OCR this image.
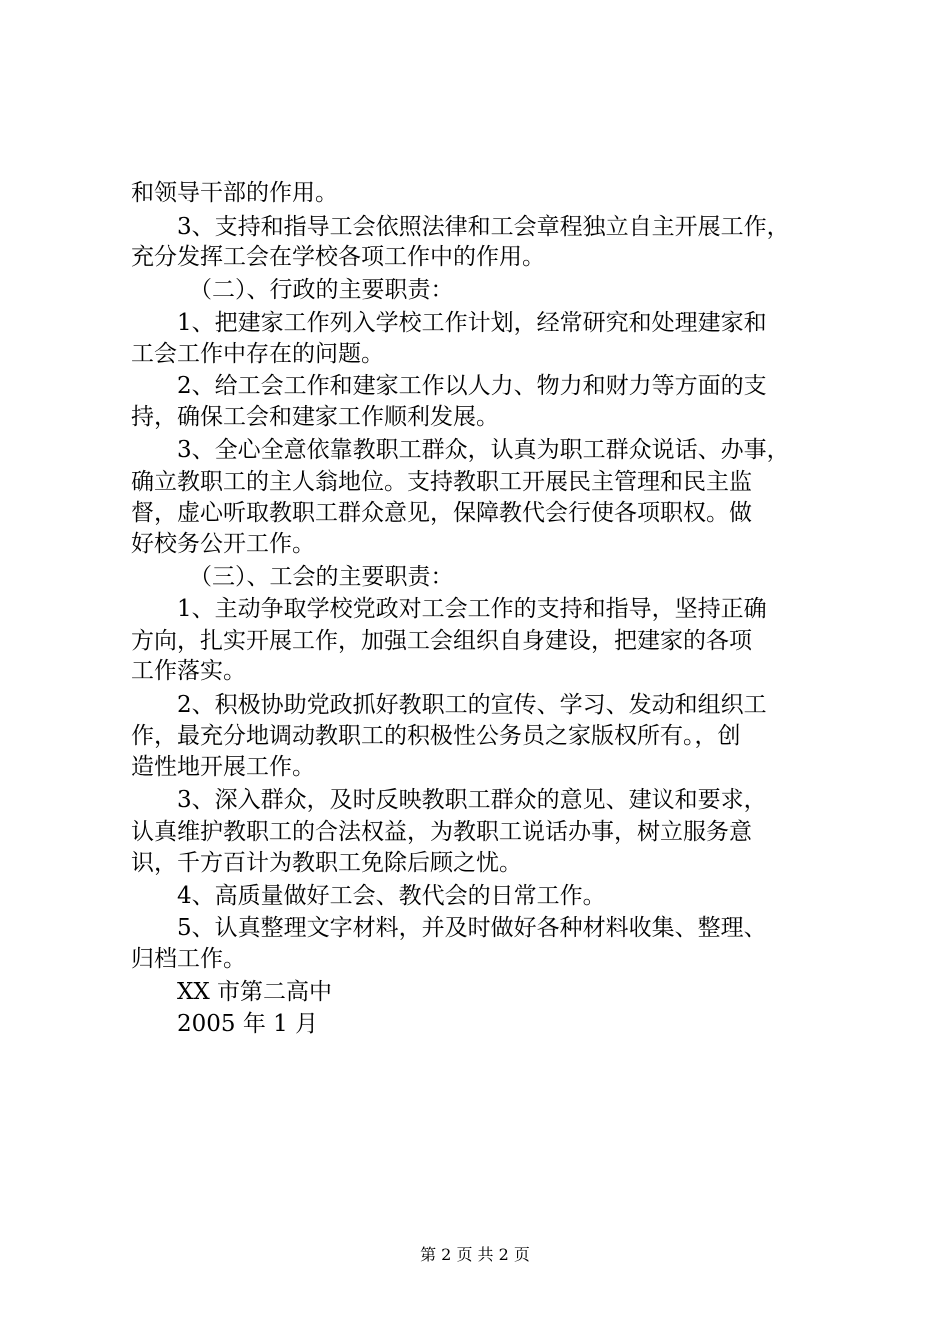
和领导干部的作用。
3、支持和指导工会依照法律和工会章程独立自主开展工作，
充分发挥工会在学校各项工作中的作用。
（二）、行政的主要职责：
1、把建家工作列入学校工作计划，经常研究和处理建家和
工会工作中存在的问题。
2、给工会工作和建家工作以人力、物力和财力等方面的支
持，确保工会和建家工作顺利发展。
3、全心全意依靠教职工群众，认真为职工群众说话、办事，
确立教职工的主人翁地位。支持教职工开展民主管理和民主监
督，虚心听取教职工群众意见，保障教代会行使各项职权。做
好校务公开工作。
（三）、工会的主要职责：
1、主动争取学校党政对工会工作的支持和指导，坚持正确
方向，扎实开展工作，加强工会组织自身建设，把建家的各项
工作落实。
2、积极协助党政抓好教职工的宣传、学习、发动和组织工
作，最充分地调动教职工的积极性公务员之家版权所有。，创
造性地开展工作。
3、深入群众，及时反映教职工群众的意见、建议和要求，
认真维护教职工的合法权益，为教职工说话办事，树立服务意
识，千方百计为教职工免除后顾之忧。
4、高质量做好工会、教代会的日常工作。
5、认真整理文字材料，并及时做好各种材料收集、整理、
归档工作。
XX 市第二高中
2005 年 1 月
第 2 页 共 2 页
